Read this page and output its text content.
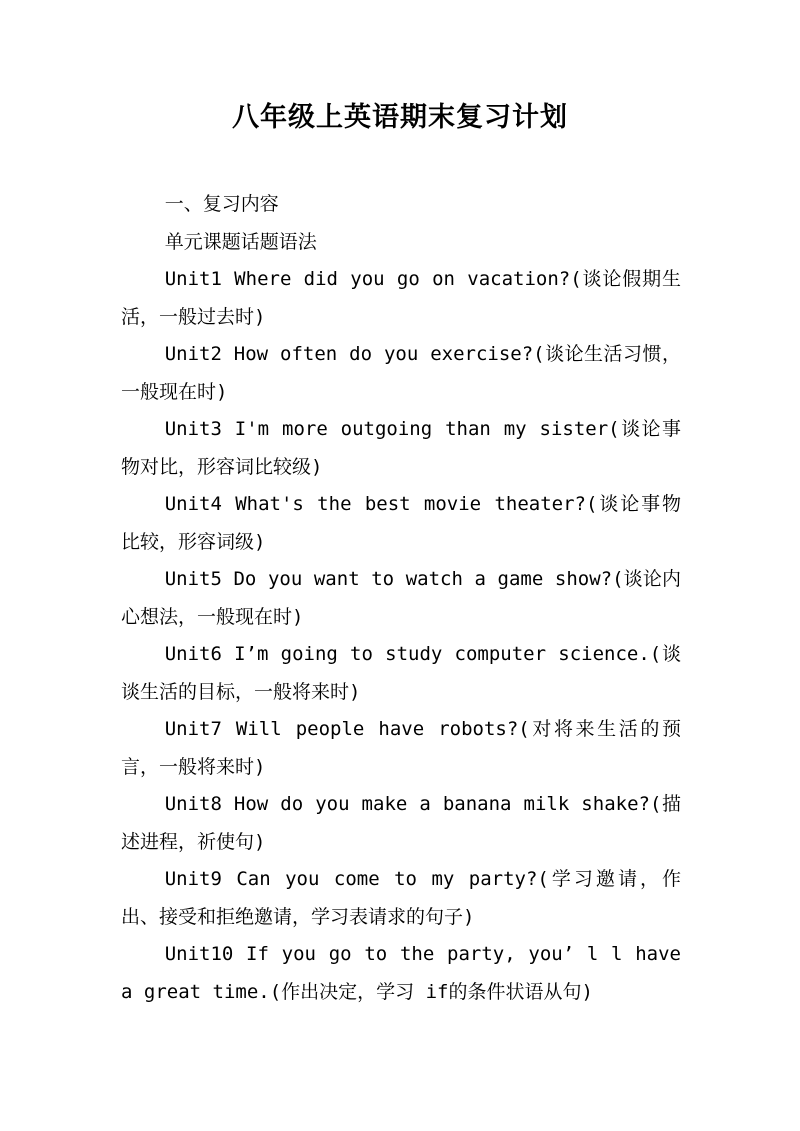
八年级上英语期末复习计划

一、复习内容

单元课题话题语法

Unit1 Where did you go on vacation?(谈论假期生活，一般过去时)

Unit2 How often do you exercise?(谈论生活习惯，一般现在时)

Unit3 I'm more outgoing than my sister(谈论事物对比，形容词比较级)

Unit4 What's the best movie theater?(谈论事物比较，形容词级)

Unit5 Do you want to watch a game show?(谈论内心想法，一般现在时)

Unit6 I’m going to study computer science.(谈谈生活的目标，一般将来时)

Unit7 Will people have robots?(对将来生活的预言，一般将来时)

Unit8 How do you make a banana milk shake?(描述进程，祈使句)

Unit9 Can you come to my party?(学习邀请，作出、接受和拒绝邀请，学习表请求的句子)

Unit10 If you go to the party, you’ l l have a great time.(作出决定，学习 if的条件状语从句)
